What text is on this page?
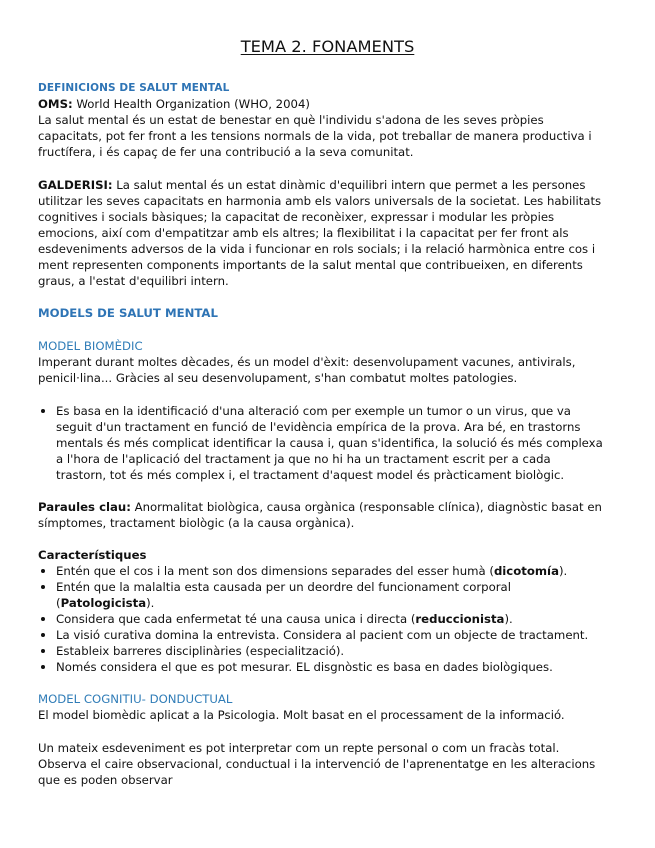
TEMA 2. FONAMENTS
DEFINICIONS DE SALUT MENTAL
OMS: World Health Organization (WHO, 2004)
La salut mental és un estat de benestar en què l'individu s'adona de les seves pròpies
capacitats, pot fer front a les tensions normals de la vida, pot treballar de manera productiva i
fructífera, i és capaç de fer una contribució a la seva comunitat.
GALDERISI: La salut mental és un estat dinàmic d'equilibri intern que permet a les persones
utilitzar les seves capacitats en harmonia amb els valors universals de la societat. Les habilitats
cognitives i socials bàsiques; la capacitat de reconèixer, expressar i modular les pròpies
emocions, així com d'empatitzar amb els altres; la flexibilitat i la capacitat per fer front als
esdeveniments adversos de la vida i funcionar en rols socials; i la relació harmònica entre cos i
ment representen components importants de la salut mental que contribueixen, en diferents
graus, a l'estat d'equilibri intern.
MODELS DE SALUT MENTAL
MODEL BIOMÈDIC
Imperant durant moltes dècades, és un model d'èxit: desenvolupament vacunes, antivirals,
penicil·lina... Gràcies al seu desenvolupament, s'han combatut moltes patologies.
Es basa en la identificació d'una alteració com per exemple un tumor o un virus, que va
seguit d'un tractament en funció de l'evidència empírica de la prova. Ara bé, en trastorns
mentals és més complicat identificar la causa i, quan s'identifica, la solució és més complexa
a l'hora de l'aplicació del tractament ja que no hi ha un tractament escrit per a cada
trastorn, tot és més complex i, el tractament d'aquest model és pràcticament biològic.
Paraules clau: Anormalitat biològica, causa orgànica (responsable clínica), diagnòstic basat en
símptomes, tractament biològic (a la causa orgànica).
Característiques
Entén que el cos i la ment son dos dimensions separades del esser humà (dicotomía).
Entén que la malaltia esta causada per un deordre del funcionament corporal
(Patologicista).
Considera que cada enfermetat té una causa unica i directa (reduccionista).
La visió curativa domina la entrevista. Considera al pacient com un objecte de tractament.
Estableix barreres disciplinàries (especialització).
Només considera el que es pot mesurar. EL disgnòstic es basa en dades biològiques.
MODEL COGNITIU- DONDUCTUAL
El model biomèdic aplicat a la Psicologia. Molt basat en el processament de la informació.
Un mateix esdeveniment es pot interpretar com un repte personal o com un fracàs total.
Observa el caire observacional, conductual i la intervenció de l'aprenentatge en les alteracions
que es poden observar
